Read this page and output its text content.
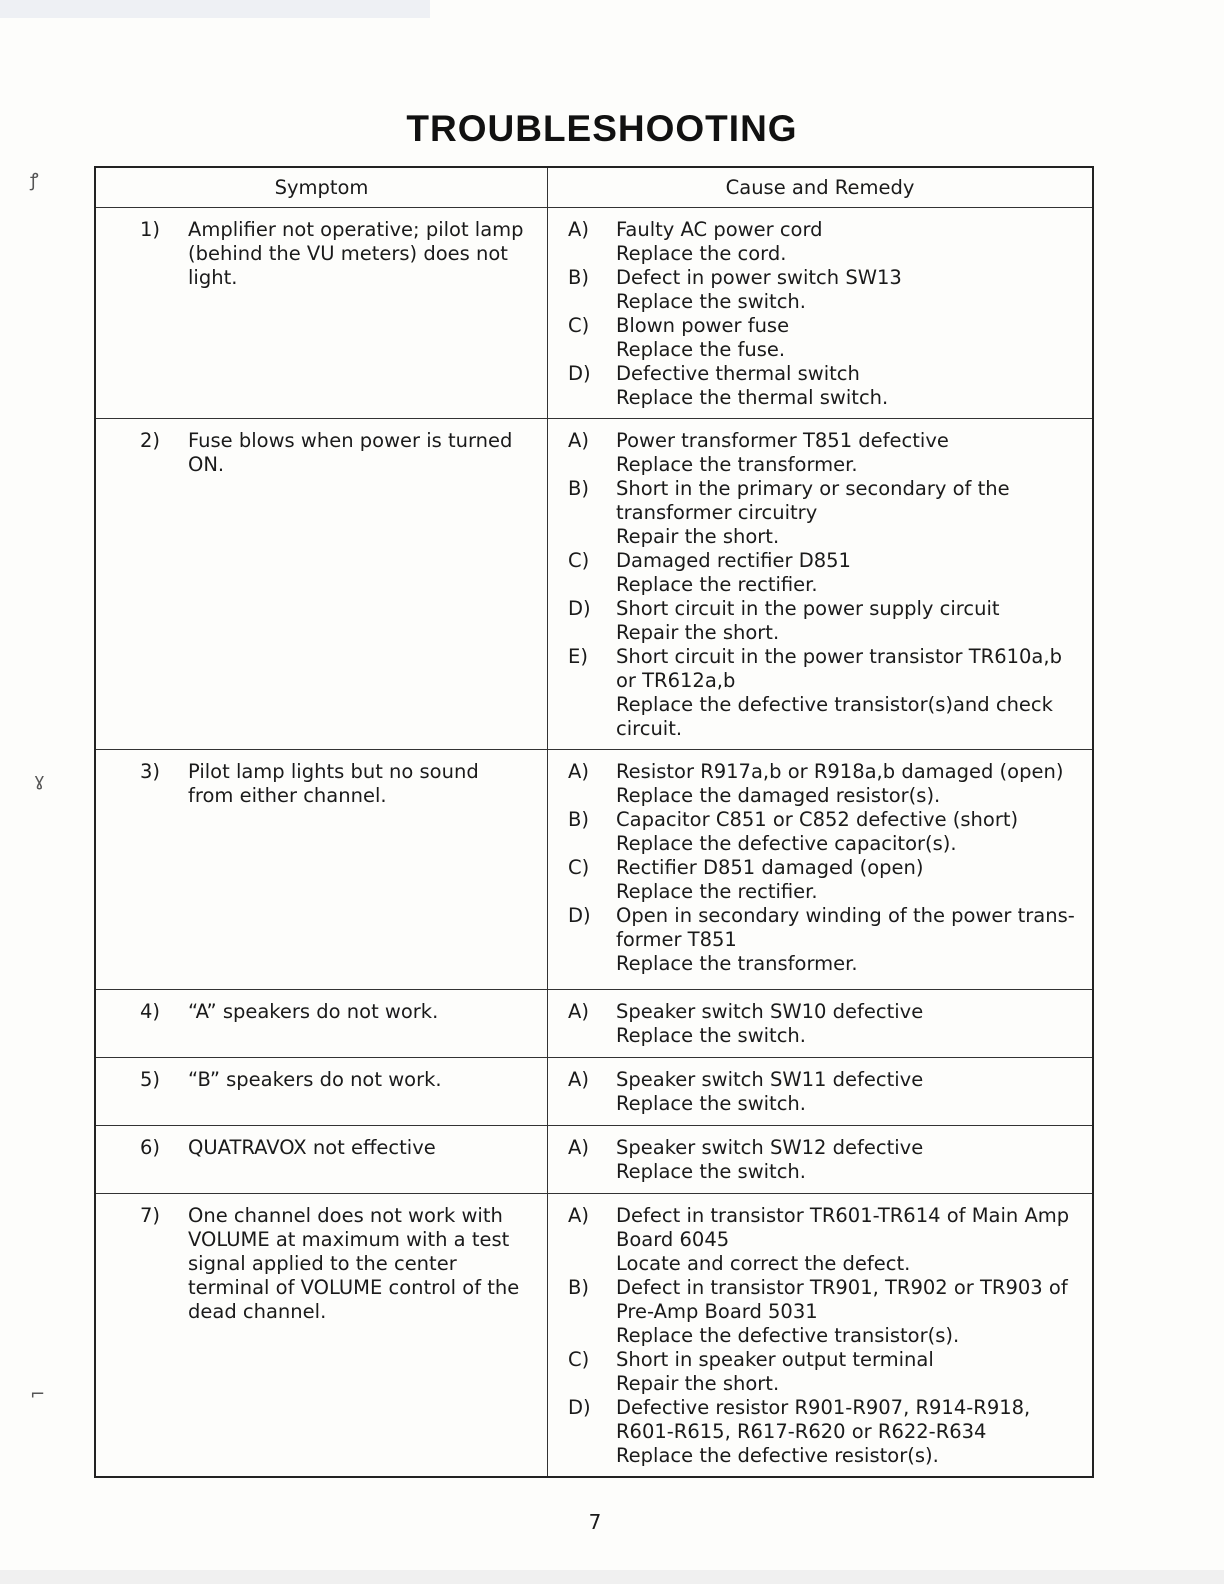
TROUBLESHOOTING
Symptom	Cause and Remedy
1)	Amplifier not operative; pilot lamp (behind the VU meters) does not light.
A)	Faulty AC power cord
Replace the cord.
B)	Defect in power switch SW13
Replace the switch.
C)	Blown power fuse
Replace the fuse.
D)	Defective thermal switch
Replace the thermal switch.
2)	Fuse blows when power is turned ON.
A)	Power transformer T851 defective
Replace the transformer.
B)	Short in the primary or secondary of the transformer circuitry
Repair the short.
C)	Damaged rectifier D851
Replace the rectifier.
D)	Short circuit in the power supply circuit
Repair the short.
E)	Short circuit in the power transistor TR610a,b or TR612a,b
Replace the defective transistor(s)and check circuit.
3)	Pilot lamp lights but no sound from either channel.
A)	Resistor R917a,b or R918a,b damaged (open)
Replace the damaged resistor(s).
B)	Capacitor C851 or C852 defective (short)
Replace the defective capacitor(s).
C)	Rectifier D851 damaged (open)
Replace the rectifier.
D)	Open in secondary winding of the power trans- former T851
Replace the transformer.
4)	“A” speakers do not work.	A)	Speaker switch SW10 defective
Replace the switch.
5)	“B” speakers do not work.	A)	Speaker switch SW11 defective
Replace the switch.
6)	QUATRAVOX not effective	A)	Speaker switch SW12 defective
Replace the switch.
7)	One channel does not work with VOLUME at maximum with a test signal applied to the center terminal of VOLUME control of the dead channel.
A)	Defect in transistor TR601-TR614 of Main Amp Board 6045
Locate and correct the defect.
B)	Defect in transistor TR901, TR902 or TR903 of Pre-Amp Board 5031
Replace the defective transistor(s).
C)	Short in speaker output terminal
Repair the short.
D)	Defective resistor R901-R907, R914-R918, R601-R615, R617-R620 or R622-R634
Replace the defective resistor(s).
7
ꝭ
ɣ
⌐
